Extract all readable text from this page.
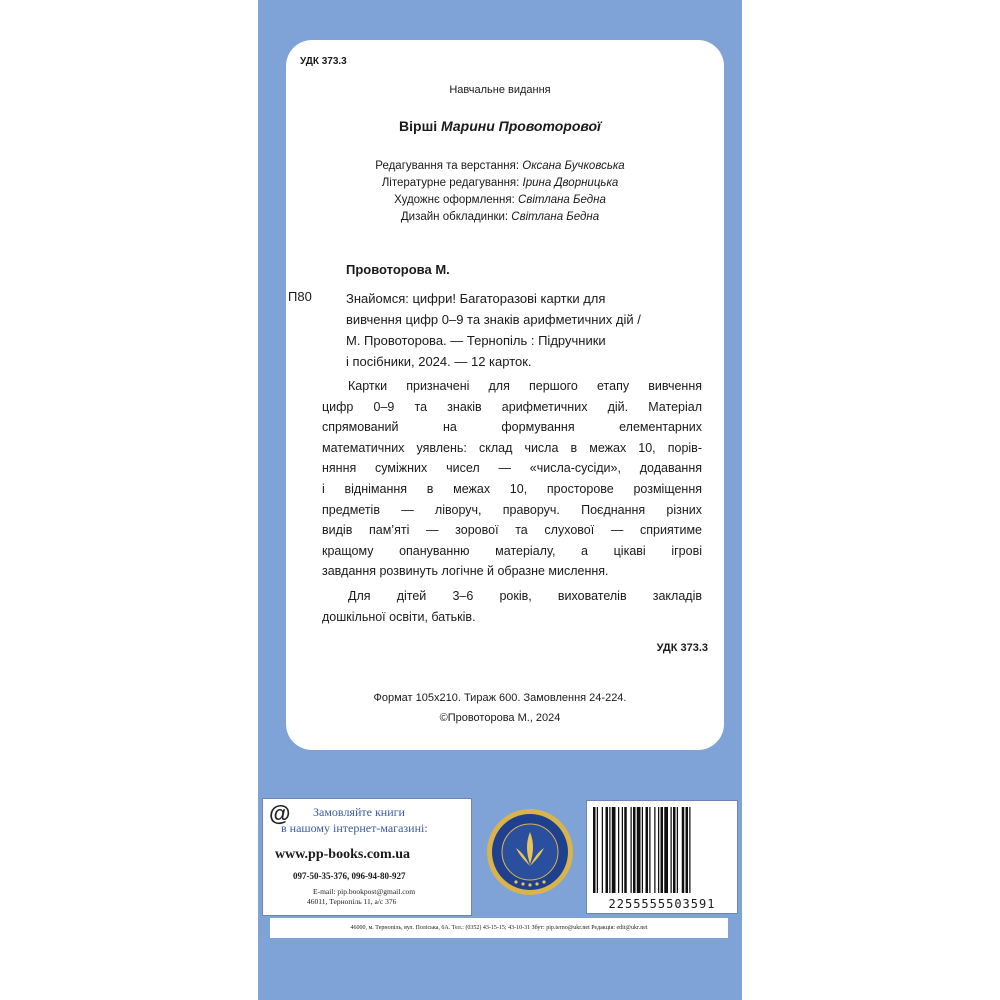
УДК 373.3
Навчальне видання
Вірші Марини Провоторової
Редагування та верстання: Оксана Бучковська
Літературне редагування: Ірина Дворницька
Художнє оформлення: Світлана Бедна
Дизайн обкладинки: Світлана Бедна
Провоторова М.
П80	Знайомся: цифри! Багаторазові картки для
вивчення цифр 0–9 та знаків арифметичних дій /
М. Провоторова. — Тернопіль : Підручники
і посібники, 2024. — 12 карток.
Картки призначені для першого етапу вивчення
цифр 0–9 та знаків арифметичних дій. Матеріал
спрямований на формування елементарних
математичних уявлень: склад числа в межах 10, порів-
няння суміжних чисел — «числа-сусіди», додавання
і віднімання в межах 10, просторове розміщення
предметів — ліворуч, праворуч. Поєднання різних
видів пам’яті — зорової та слухової — сприятиме
кращому опануванню матеріалу, а цікаві ігрові
завдання розвинуть логічне й образне мислення.
Для дітей 3–6 років, вихователів закладів
дошкільної освіти, батьків.
УДК 373.3
Формат 105х210. Тираж 600. Замовлення 24-224.
©Провоторова М., 2024
@ Замовляйте книги
в нашому інтернет-магазині:
www.pp-books.com.ua
097-50-35-376, 096-94-80-927
E-mail: pip.bookpost@gmail.com
46011, Тернопіль 11, а/с 376	2255555503591
46000, м. Тернопіль, вул. Поліська, 6А. Тел.: (0352) 43-15-15; 43-10-31 Збут: pip.terno@ukr.net Редакція: edit@ukr.net
